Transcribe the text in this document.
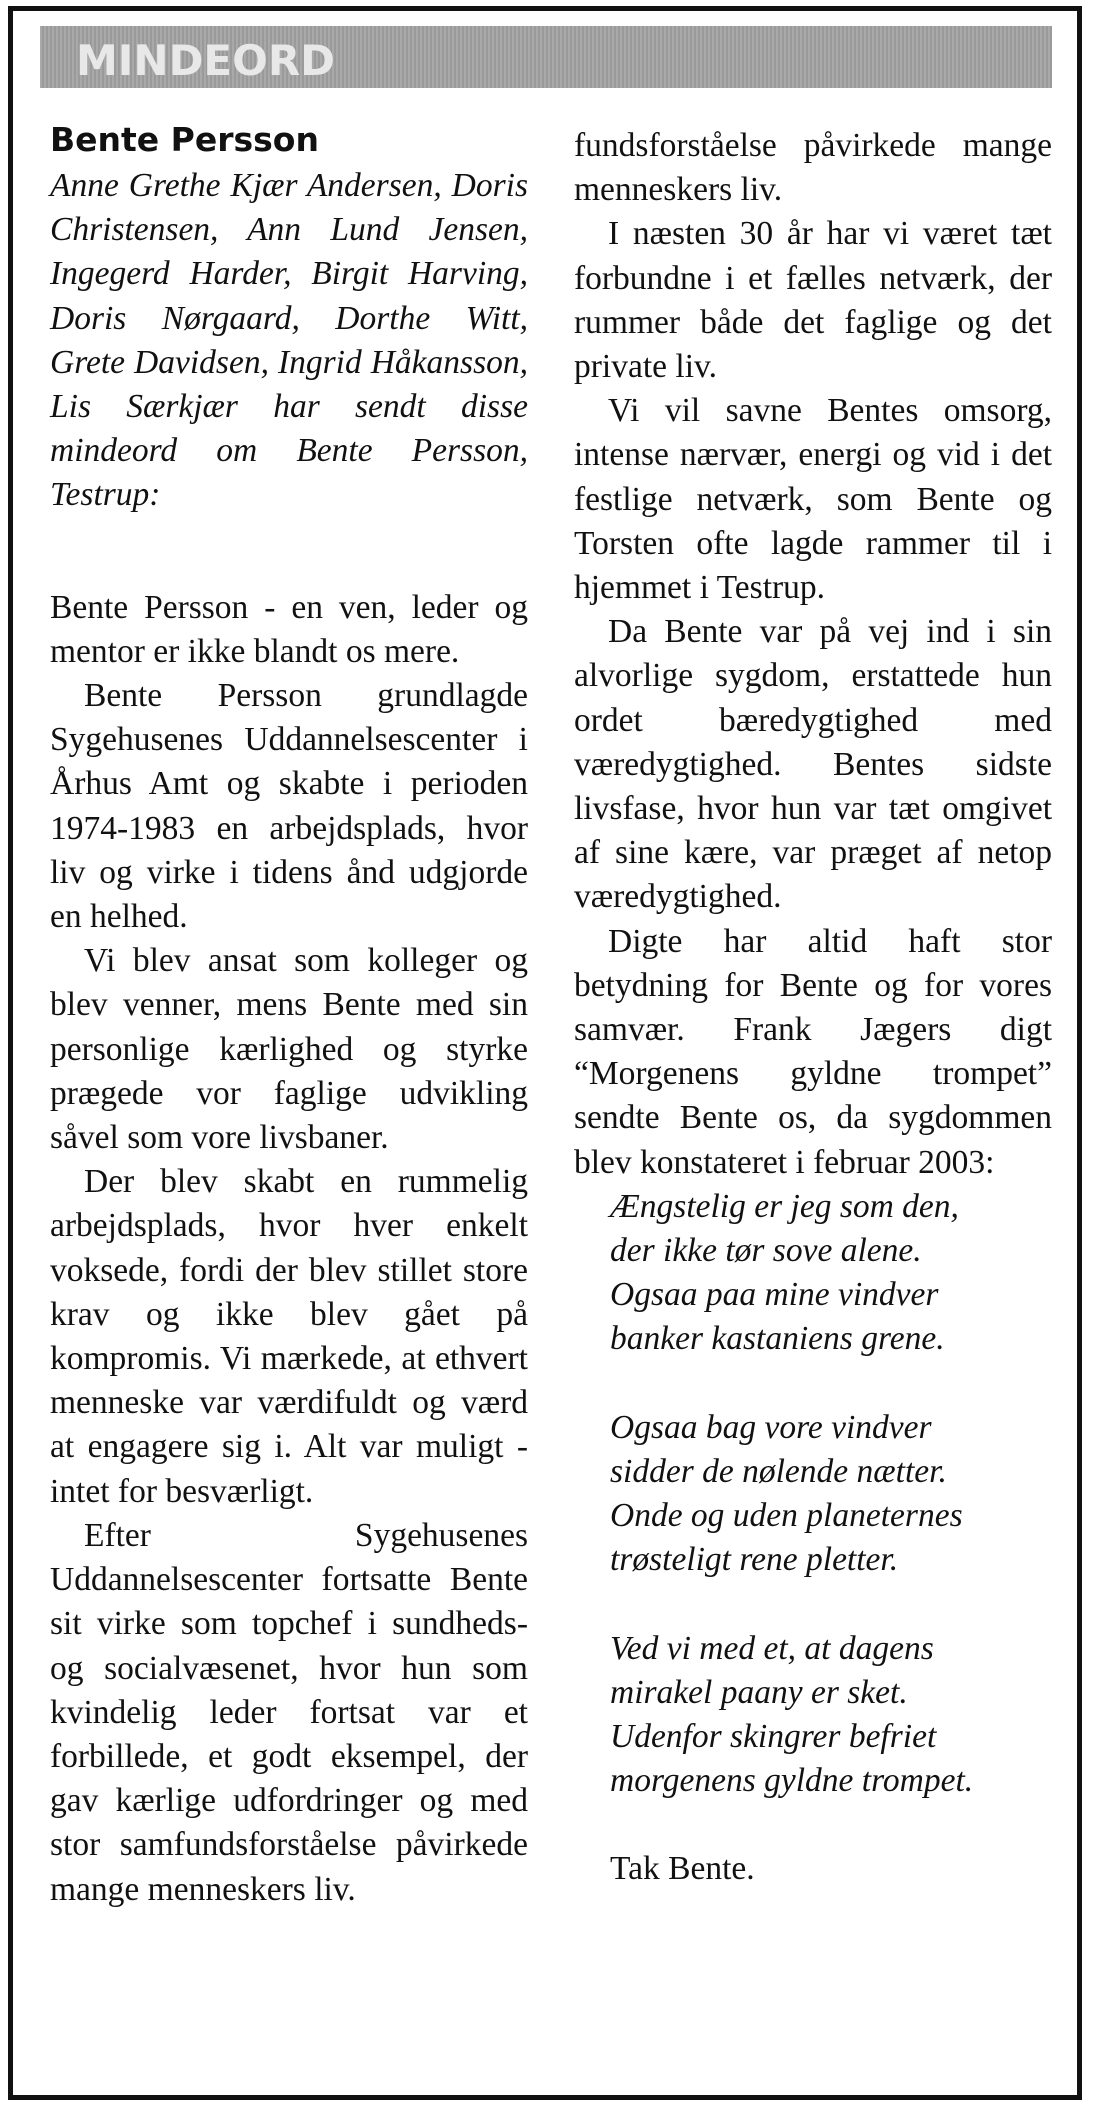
MINDEORD
Bente Persson
Anne Grethe Kjær Andersen, Doris Christensen, Ann Lund Jensen, Ingegerd Harder, Birgit Harving, Doris Nørgaard, Dorthe Witt, Grete Davidsen, Ingrid Håkansson, Lis Særkjær har sendt disse mindeord om Bente Persson, Testrup:

Bente Persson - en ven, leder og mentor er ikke blandt os mere.

Bente Persson grundlagde Sygehusenes Uddannelsescenter i Århus Amt og skabte i perioden 1974-1983 en arbejdsplads, hvor liv og virke i tidens ånd udgjorde en helhed.

Vi blev ansat som kolleger og blev venner, mens Bente med sin personlige kærlighed og styrke prægede vor faglige udvikling såvel som vore livsbaner.

Der blev skabt en rummelig arbejdsplads, hvor hver enkelt voksede, fordi der blev stillet store krav og ikke blev gået på kompromis. Vi mærkede, at ethvert menneske var værdifuldt og værd at engagere sig i. Alt var muligt - intet for besværligt.

Efter Sygehusenes Uddannelsescenter fortsatte Bente sit virke som topchef i sundheds- og socialvæsenet, hvor hun som kvindelig leder fortsat var et forbillede, et godt eksempel, der gav kærlige udfordringer og med stor samfundsforståelse påvirkede mange menneskers liv.

fundsforståelse påvirkede mange menneskers liv.

I næsten 30 år har vi været tæt forbundne i et fælles netværk, der rummer både det faglige og det private liv.

Vi vil savne Bentes omsorg, intense nærvær, energi og vid i det festlige netværk, som Bente og Torsten ofte lagde rammer til i hjemmet i Testrup.

Da Bente var på vej ind i sin alvorlige sygdom, erstattede hun ordet bæredygtighed med væredygtighed. Bentes sidste livsfase, hvor hun var tæt omgivet af sine kære, var præget af netop væredygtighed.

Digte har altid haft stor betydning for Bente og for vores samvær. Frank Jægers digt “Morgenens gyldne trompet” sendte Bente os, da sygdommen blev konstateret i februar 2003:

Ængstelig er jeg som den,
der ikke tør sove alene.
Ogsaa paa mine vindver
banker kastaniens grene.
Ogsaa bag vore vindver
sidder de nølende nætter.
Onde og uden planeternes
trøsteligt rene pletter.
Ved vi med et, at dagens
mirakel paany er sket.
Udenfor skingrer befriet
morgenens gyldne trompet.
Tak Bente.
